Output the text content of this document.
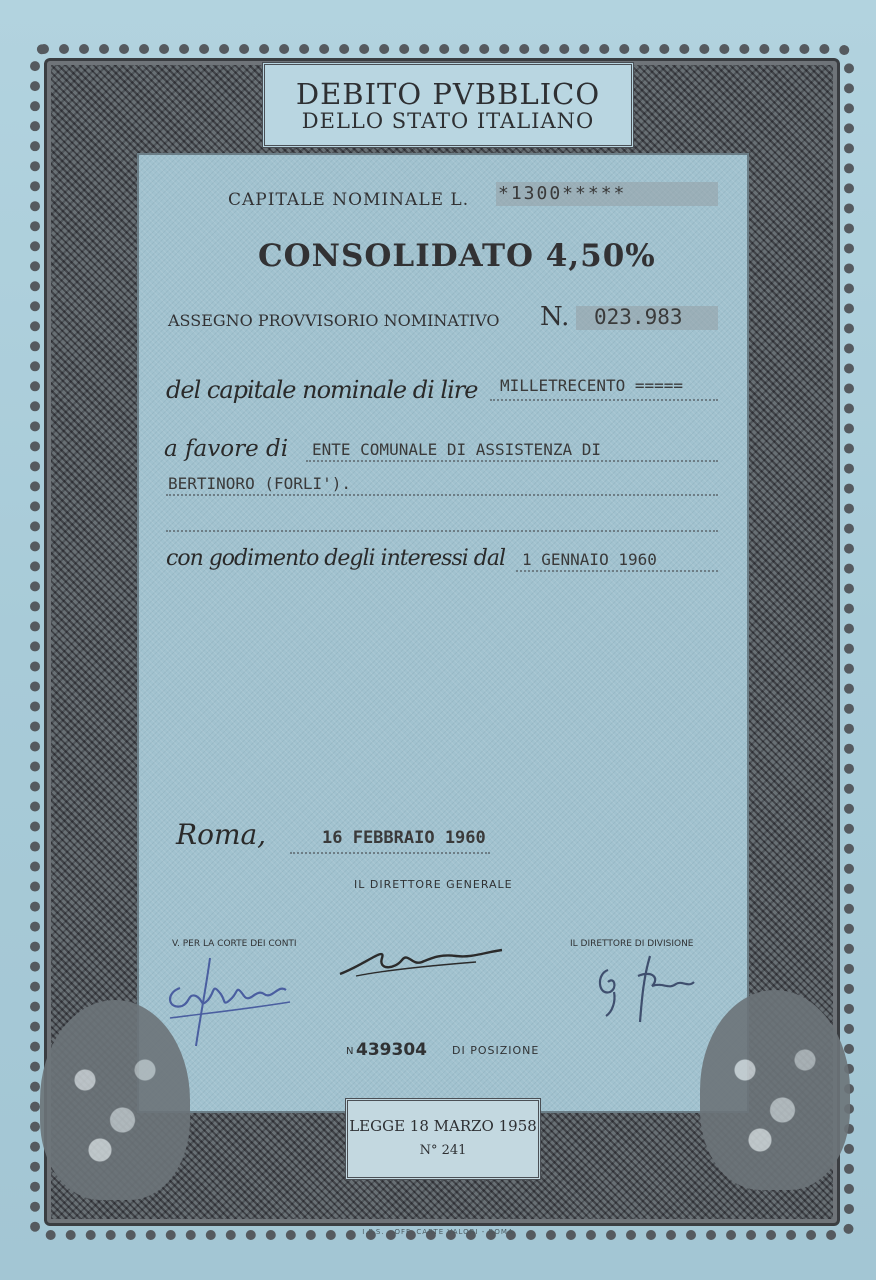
DEBITO PVBBLICO
DELLO STATO ITALIANO
CAPITALE NOMINALE L. *1300*****
CONSOLIDATO 4,50%
ASSEGNO PROVVISORIO NOMINATIVO N. 023.983
del capitale nominale di lire MILLETRECENTO =====
a favore di ENTE COMUNALE DI ASSISTENZA DI
BERTINORO (FORLI').
con godimento degli interessi dal 1 GENNAIO 1960
Roma,	16 FEBBRAIO 1960
IL DIRETTORE GENERALE
V. PER LA CORTE DEI CONTI	IL DIRETTORE DI DIVISIONE
N 439304 DI POSIZIONE
LEGGE 18 MARZO 1958
N° 241
I.P.S. - OFF. CARTE VALORI - ROMA
